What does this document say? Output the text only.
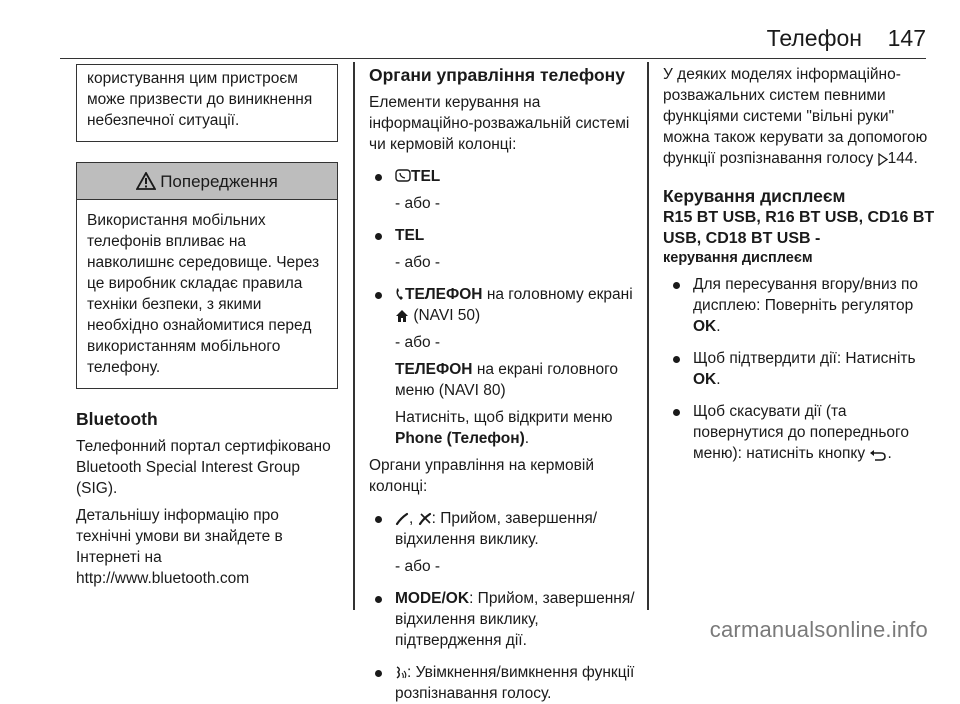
Телефон 147
користування цим пристроєм може призвести до виникнення небезпечної ситуації.
Попередження
Використання мобільних телефонів впливає на навколишнє середовище. Через це виробник складає правила техніки безпеки, з якими необхідно ознайомитися перед використанням мобільного телефону.

Bluetooth

Телефонний портал сертифіковано Bluetooth Special Interest Group (SIG).

Детальнішу інформацію про технічні умови ви знайдете в Інтернеті на
http://www.bluetooth.com

Органи управління телефону

Елементи керування на інформаційно-розважальній системі чи кермовій колонці:

TEL
- або -
TEL
- або -
ТЕЛЕФОН на головному екрані  (NAVI 50)
- або -
ТЕЛЕФОН на екрані головного меню (NAVI 80)
Натисніть, щоб відкрити меню Phone (Телефон).

Органи управління на кермовій колонці:

, : Прийом, завершення/відхилення виклику.
- або -
MODE/OK: Прийом, завершення/відхилення виклику, підтвердження дії.
: Увімкнення/вимкнення функції розпізнавання голосу.

У деяких моделях інформаційно-розважальних систем певними функціями системи "вільні руки" можна також керувати за допомогою функції розпізнавання голосу 144.

Керування дисплеєм

R15 BT USB, R16 BT USB, CD16 BT USB, CD18 BT USB -

керування дисплеєм

Для пересування вгору/вниз по дисплею: Поверніть регулятор OK.
Щоб підтвердити дії: Натисніть OK.
Щоб скасувати дії (та повернутися до попереднього меню): натисніть кнопку .
carmanualsonline.info
